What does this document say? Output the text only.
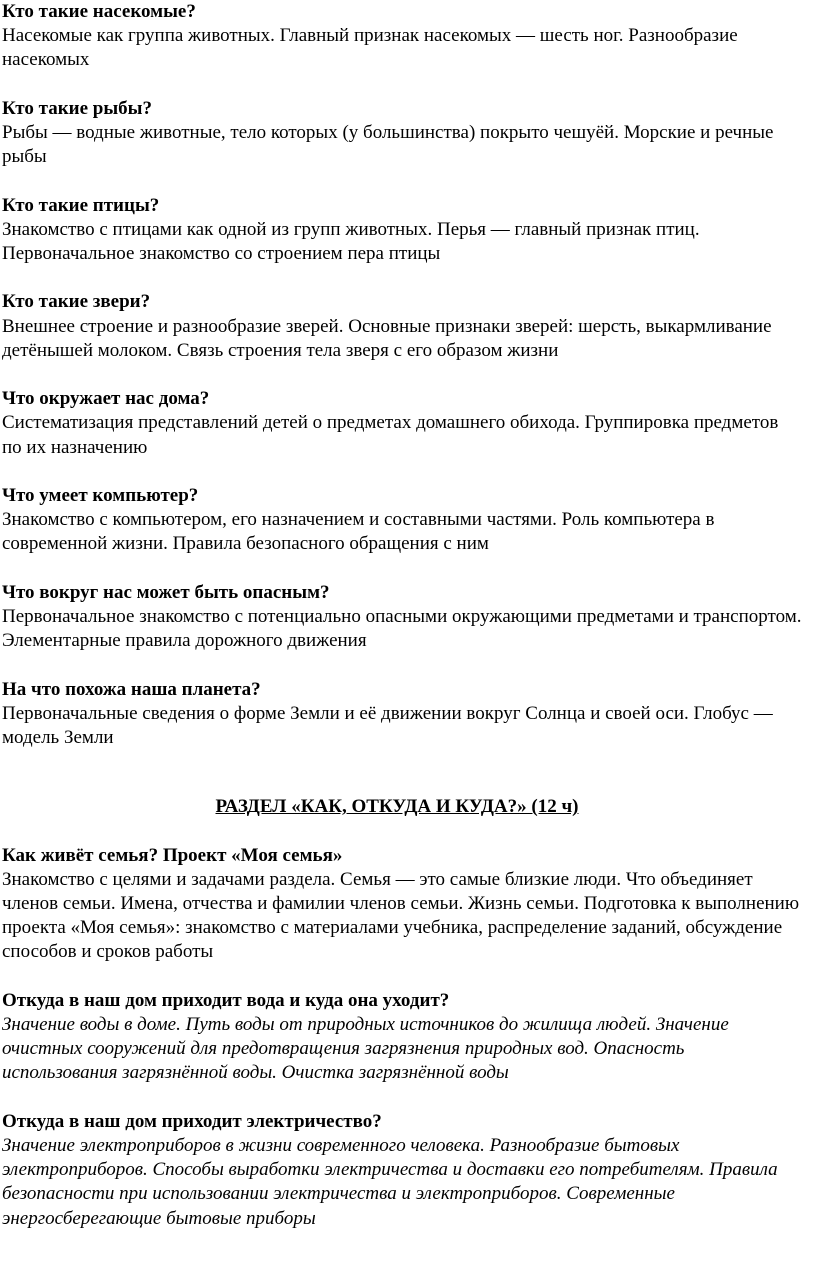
Кто такие насекомые?

Насекомые как группа животных. Главный признак насекомых — шесть ног. Разнообразие насекомых

Кто такие рыбы?

Рыбы — водные животные, тело которых (у большинства) покрыто чешуёй. Морские и речные рыбы

Кто такие птицы?

Знакомство с птицами как одной из групп животных. Перья — главный признак птиц. Первоначальное знакомство со строением пера птицы

Кто такие звери?

Внешнее строение и разнообразие зверей. Основные признаки зверей: шерсть, выкармливание детёнышей молоком. Связь строения тела зверя с его образом жизни

Что окружает нас дома?

Систематизация представлений детей о предметах домашнего обихода. Группировка предметов по их назначению

Что умеет компьютер?

Знакомство с компьютером, его назначением и составными частями. Роль компьютера в современной жизни. Правила безопасного обращения с ним

Что вокруг нас может быть опасным?

Первоначальное знакомство с потенциально опасными окружающими предметами и транспортом. Элементарные правила дорожного движения

На что похожа наша планета?

Первоначальные сведения о форме Земли и её движении вокруг Солнца и своей оси. Глобус — модель Земли

РАЗДЕЛ «КАК, ОТКУДА И КУДА?» (12 ч)

Как живёт семья? Проект «Моя семья»

Знакомство с целями и задачами раздела. Семья — это самые близкие люди. Что объединяет членов семьи. Имена, отчества и фамилии членов семьи. Жизнь семьи. Подготовка к выполнению проекта «Моя семья»: знакомство с материалами учебника, распределение заданий, обсуждение способов и сроков работы

Откуда в наш дом приходит вода и куда она уходит?

Значение воды в доме. Путь воды от природных источников до жилища людей. Значение очистных сооружений для предотвращения загрязнения природных вод. Опасность использования загрязнённой воды. Очистка загрязнённой воды

Откуда в наш дом приходит электричество?

Значение электроприборов в жизни современного человека. Разнообразие бытовых электроприборов. Способы выработки электричества и доставки его потребителям. Правила безопасности при использовании электричества и электроприборов. Современные энергосберегающие бытовые приборы
